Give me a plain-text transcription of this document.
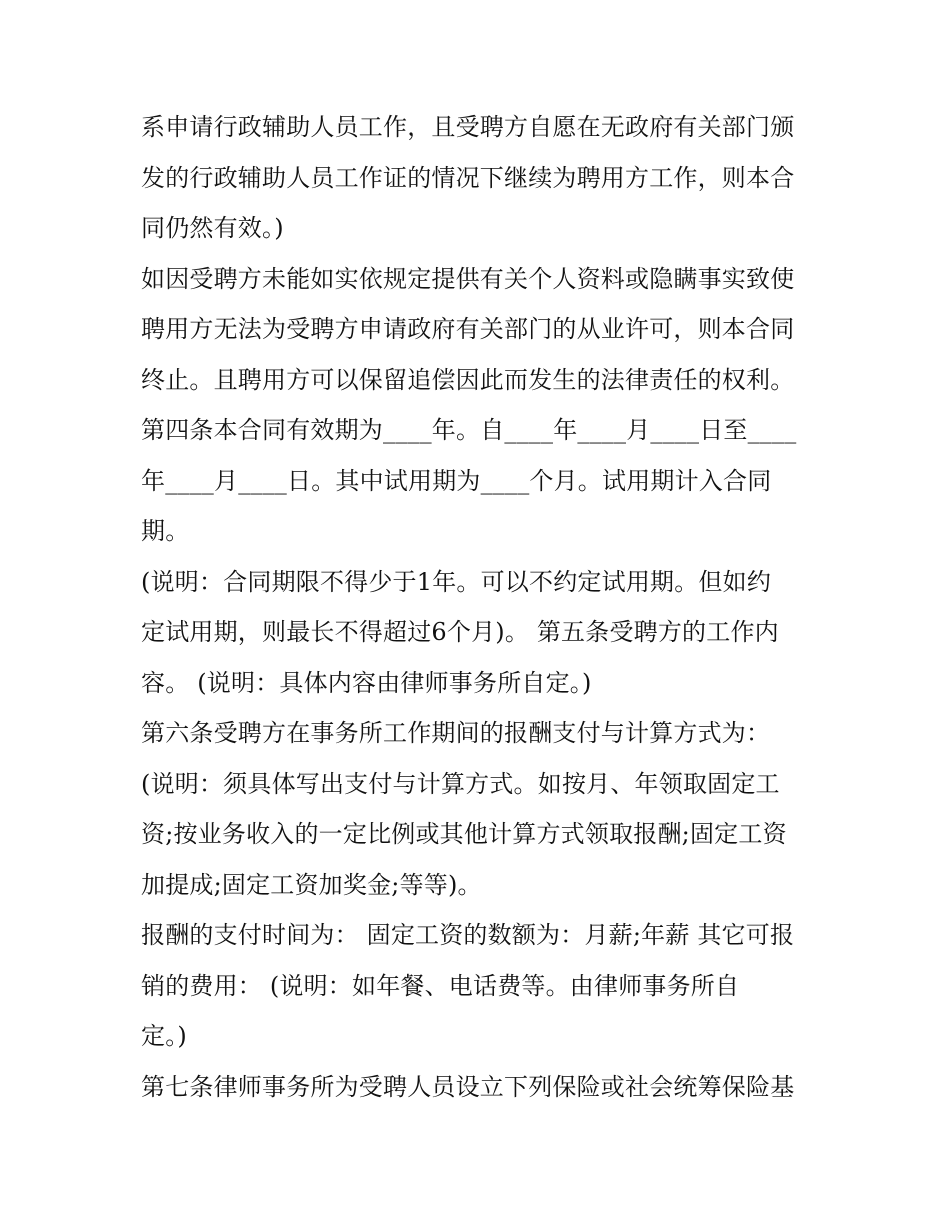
系申请行政辅助人员工作，且受聘方自愿在无政府有关部门颁
发的行政辅助人员工作证的情况下继续为聘用方工作，则本合
同仍然有效。)
如因受聘方未能如实依规定提供有关个人资料或隐瞒事实致使
聘用方无法为受聘方申请政府有关部门的从业许可，则本合同
终止。且聘用方可以保留追偿因此而发生的法律责任的权利。
第四条本合同有效期为____年。自____年____月____日至____
年____月____日。其中试用期为____个月。试用期计入合同
期。
(说明：合同期限不得少于1年。可以不约定试用期。但如约
定试用期，则最长不得超过6个月)。 第五条受聘方的工作内
容。 (说明：具体内容由律师事务所自定。)
第六条受聘方在事务所工作期间的报酬支付与计算方式为：
(说明：须具体写出支付与计算方式。如按月、年领取固定工
资;按业务收入的一定比例或其他计算方式领取报酬;固定工资
加提成;固定工资加奖金;等等)。
报酬的支付时间为： 固定工资的数额为：月薪;年薪 其它可报
销的费用： (说明：如年餐、电话费等。由律师事务所自
定。)
第七条律师事务所为受聘人员设立下列保险或社会统筹保险基
